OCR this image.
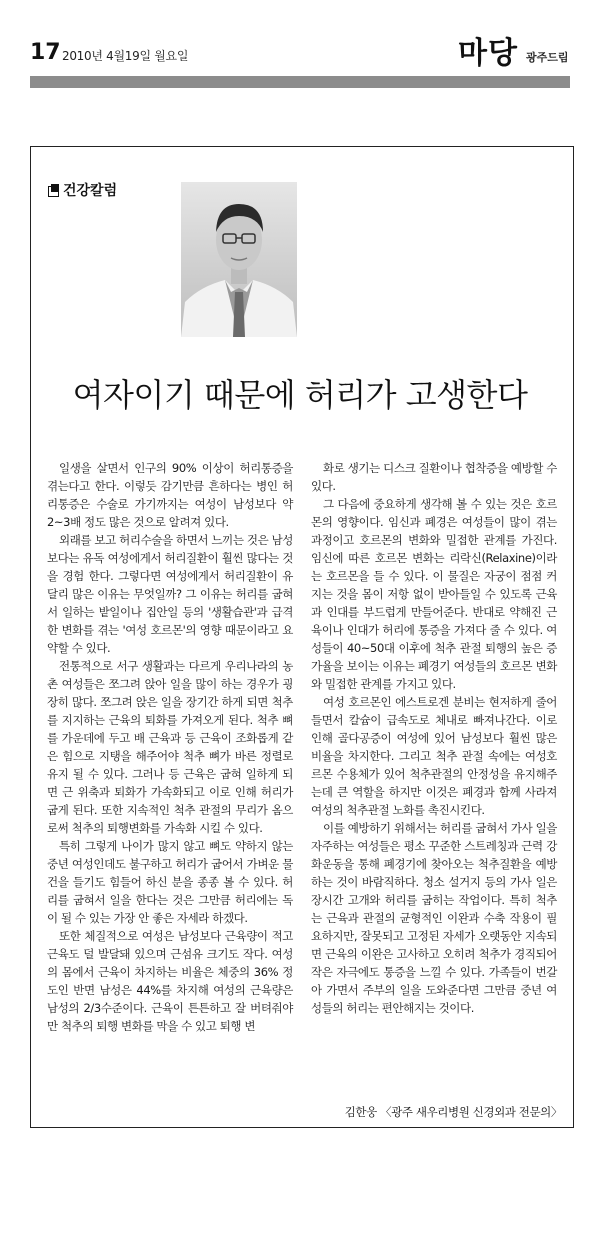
17 2010년 4월19일 월요일	마당 광주드림
건강칼럼
여자이기 때문에 허리가 고생한다

일생을 살면서 인구의 90% 이상이 허리통증을 겪는다고 한다. 이렇듯 감기만큼 흔하다는 병인 허리통증은 수술로 가기까지는 여성이 남성보다 약 2~3배 정도 많은 것으로 알려져 있다.

외래를 보고 허리수술을 하면서 느끼는 것은 남성보다는 유독 여성에게서 허리질환이 훨씬 많다는 것을 경험 한다. 그렇다면 여성에게서 허리질환이 유달리 많은 이유는 무엇일까? 그 이유는 허리를 굽혀서 일하는 밭일이나 집안일 등의 '생활습관'과 급격한 변화를 겪는 '여성 호르몬'의 영향 때문이라고 요약할 수 있다.

전통적으로 서구 생활과는 다르게 우리나라의 농촌 여성들은 쪼그려 앉아 일을 많이 하는 경우가 굉장히 많다. 쪼그려 앉은 일을 장기간 하게 되면 척추를 지지하는 근육의 퇴화를 가져오게 된다. 척추 뼈를 가운데에 두고 배 근육과 등 근육이 조화롭게 같은 힘으로 지탱을 해주어야 척추 뼈가 바른 정렬로 유지 될 수 있다. 그러나 등 근육은 굽혀 일하게 되면 근 위축과 퇴화가 가속화되고 이로 인해 허리가 굽게 된다. 또한 지속적인 척추 관절의 무리가 옴으로써 척추의 퇴행변화를 가속화 시킬 수 있다.

특히 그렇게 나이가 많지 않고 뼈도 약하지 않는 중년 여성인데도 불구하고 허리가 굽어서 가벼운 물건을 들기도 힘들어 하신 분을 종종 볼 수 있다. 허리를 굽혀서 일을 한다는 것은 그만큼 허리에는 독이 될 수 있는 가장 안 좋은 자세라 하겠다.

또한 체질적으로 여성은 남성보다 근육량이 적고 근육도 덜 발달돼 있으며 근섬유 크기도 작다. 여성의 몸에서 근육이 차지하는 비율은 체중의 36% 정도인 반면 남성은 44%를 차지해 여성의 근육량은 남성의 2/3수준이다. 근육이 튼튼하고 잘 버텨줘야만 척추의 퇴행 변화를 막을 수 있고 퇴행 변

화로 생기는 디스크 질환이나 협착증을 예방할 수 있다.

그 다음에 중요하게 생각해 볼 수 있는 것은 호르몬의 영향이다. 임신과 폐경은 여성들이 많이 겪는 과정이고 호르몬의 변화와 밀접한 관계를 가진다. 임신에 따른 호르몬 변화는 리락신(Relaxine)이라는 호르몬을 들 수 있다. 이 물질은 자궁이 점점 커지는 것을 몸이 저항 없이 받아들일 수 있도록 근육과 인대를 부드럽게 만들어준다. 반대로 약해진 근육이나 인대가 허리에 통증을 가져다 줄 수 있다. 여성들이 40~50대 이후에 척추 관절 퇴행의 높은 증가율을 보이는 이유는 폐경기 여성들의 호르몬 변화와 밀접한 관계를 가지고 있다.

여성 호르몬인 에스트로겐 분비는 현저하게 줄어들면서 칼슘이 급속도로 체내로 빠져나간다. 이로 인해 골다공증이 여성에 있어 남성보다 훨씬 많은 비율을 차지한다. 그리고 척추 관절 속에는 여성호르몬 수용체가 있어 척추관절의 안정성을 유지해주는데 큰 역할을 하지만 이것은 폐경과 함께 사라져 여성의 척추관절 노화를 촉진시킨다.

이를 예방하기 위해서는 허리를 굽혀서 가사 일을 자주하는 여성들은 평소 꾸준한 스트레칭과 근력 강화운동을 통해 폐경기에 찾아오는 척추질환을 예방하는 것이 바람직하다. 청소 설거지 등의 가사 일은 장시간 고개와 허리를 굽히는 작업이다. 특히 척추는 근육과 관절의 균형적인 이완과 수축 작용이 필요하지만, 잘못되고 고정된 자세가 오랫동안 지속되면 근육의 이완은 고사하고 오히려 척추가 경직되어 작은 자극에도 통증을 느낄 수 있다. 가족들이 번갈아 가면서 주부의 일을 도와준다면 그만큼 중년 여성들의 허리는 편안해지는 것이다.

김한웅 〈광주 새우리병원 신경외과 전문의〉
